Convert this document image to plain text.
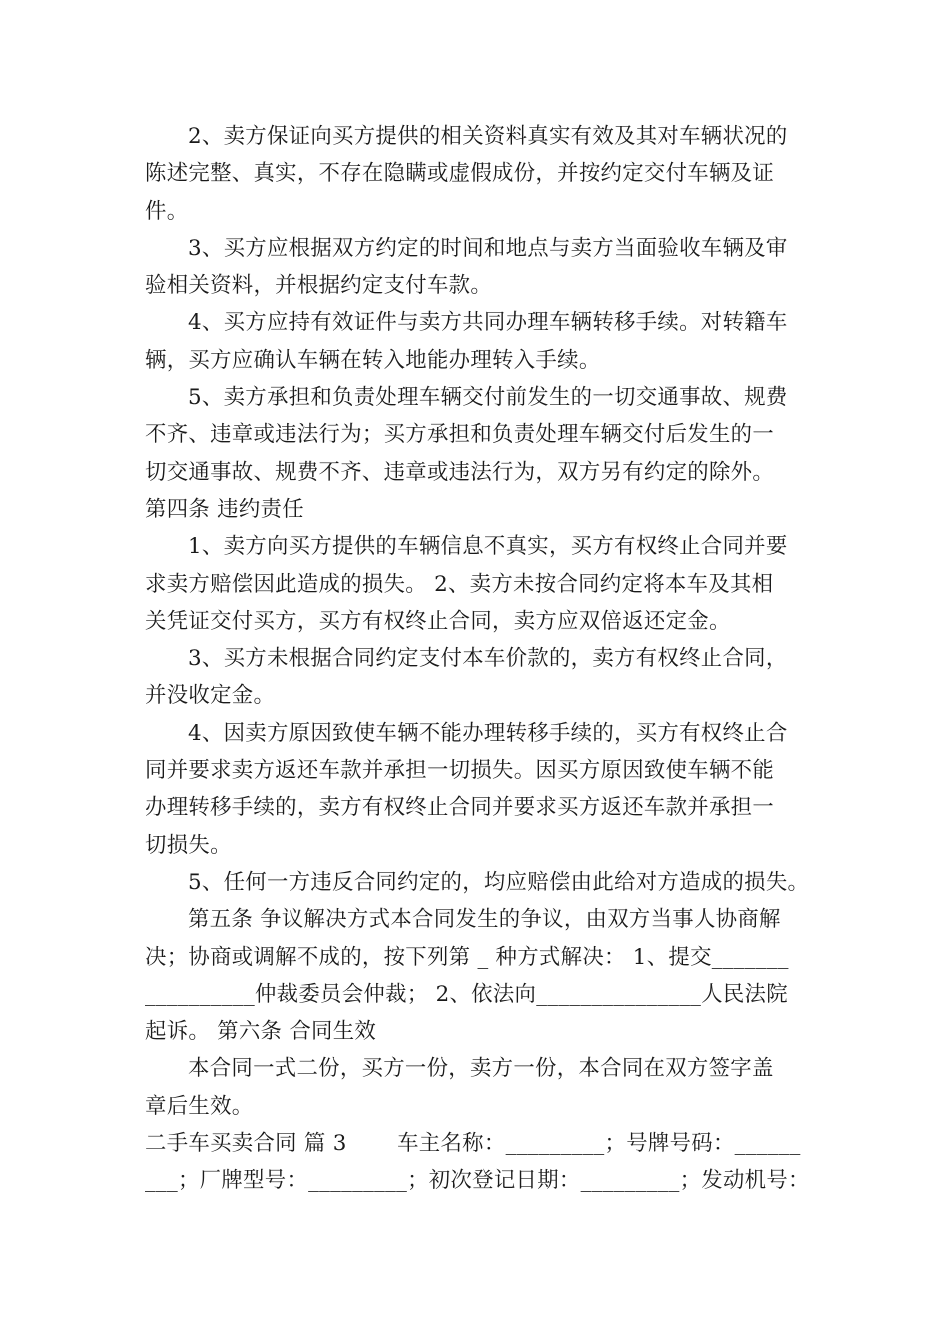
2、卖方保证向买方提供的相关资料真实有效及其对车辆状况的
陈述完整、真实，不存在隐瞒或虚假成份，并按约定交付车辆及证
件。
3、买方应根据双方约定的时间和地点与卖方当面验收车辆及审
验相关资料，并根据约定支付车款。
4、买方应持有效证件与卖方共同办理车辆转移手续。对转籍车
辆，买方应确认车辆在转入地能办理转入手续。
5、卖方承担和负责处理车辆交付前发生的一切交通事故、规费
不齐、违章或违法行为；买方承担和负责处理车辆交付后发生的一
切交通事故、规费不齐、违章或违法行为，双方另有约定的除外。
第四条 违约责任
1、卖方向买方提供的车辆信息不真实，买方有权终止合同并要
求卖方赔偿因此造成的损失。 2、卖方未按合同约定将本车及其相
关凭证交付买方，买方有权终止合同，卖方应双倍返还定金。
3、买方未根据合同约定支付本车价款的，卖方有权终止合同，
并没收定金。
4、因卖方原因致使车辆不能办理转移手续的，买方有权终止合
同并要求卖方返还车款并承担一切损失。因买方原因致使车辆不能
办理转移手续的，卖方有权终止合同并要求买方返还车款并承担一
切损失。
5、任何一方违反合同约定的，均应赔偿由此给对方造成的损失。
第五条 争议解决方式本合同发生的争议，由双方当事人协商解
决；协商或调解不成的，按下列第 _ 种方式解决： 1、提交_______
__________仲裁委员会仲裁； 2、依法向_______________人民法院
起诉。 第六条 合同生效
本合同一式二份，买方一份，卖方一份，本合同在双方签字盖
章后生效。
二手车买卖合同 篇 3 　　车主名称：_________；号牌号码：______
___；厂牌型号：_________；初次登记日期：_________；发动机号：
